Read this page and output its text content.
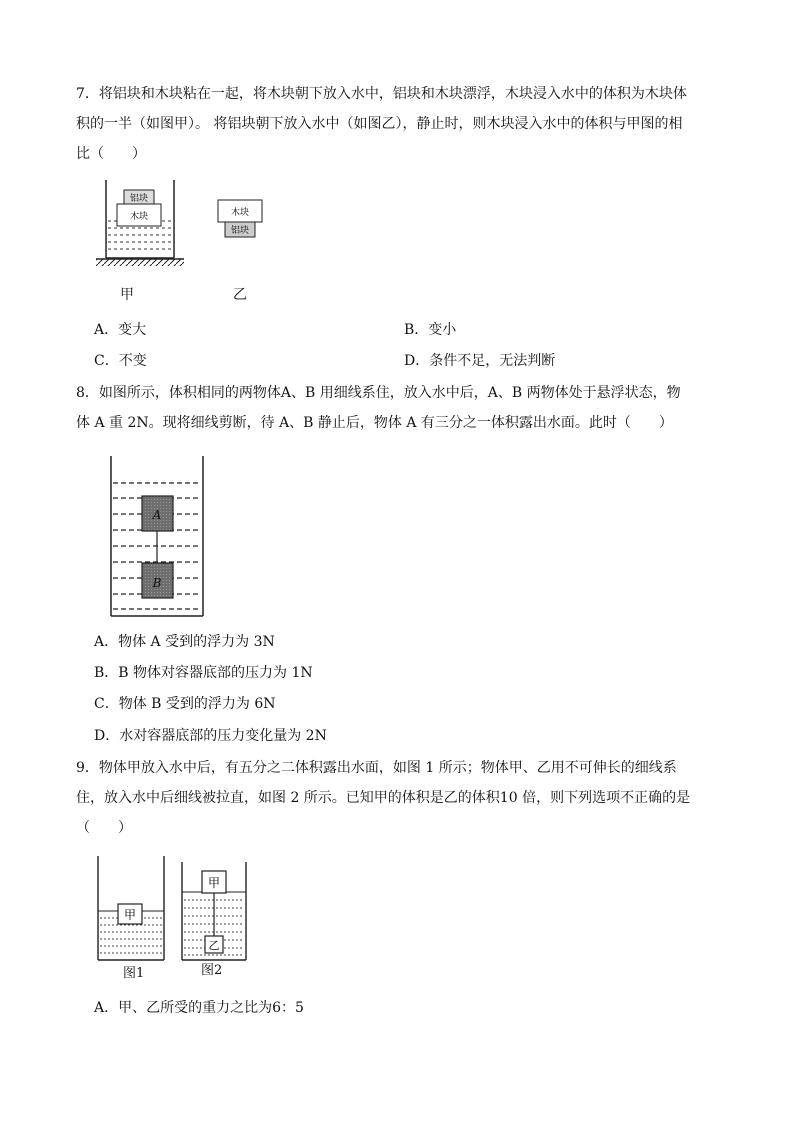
7．将铝块和木块粘在一起，将木块朝下放入水中，铝块和木块漂浮，木块浸入水中的体积为木块体
积的一半（如图甲）。 将铝块朝下放入水中（如图乙），静止时，则木块浸入水中的体积与甲图的相
比（　　）
铝块
木块	木块
铝块
甲	乙
A．变大	B．变小
C．不变	D．条件不足，无法判断
8．如图所示，体积相同的两物体A、B 用细线系住，放入水中后，A、B 两物体处于悬浮状态，物
体 A 重 2N。现将细线剪断，待 A、B 静止后，物体 A 有三分之一体积露出水面。此时（　　）
A
B
A．物体 A 受到的浮力为 3N
B．B 物体对容器底部的压力为 1N
C．物体 B 受到的浮力为 6N
D．水对容器底部的压力变化量为 2N
9．物体甲放入水中后，有五分之二体积露出水面，如图 1 所示；物体甲、乙用不可伸长的细线系
住，放入水中后细线被拉直，如图 2 所示。已知甲的体积是乙的体积10 倍，则下列选项不正确的是
（　　）
甲
甲
乙
图1	图2
A．甲、乙所受的重力之比为6：5
